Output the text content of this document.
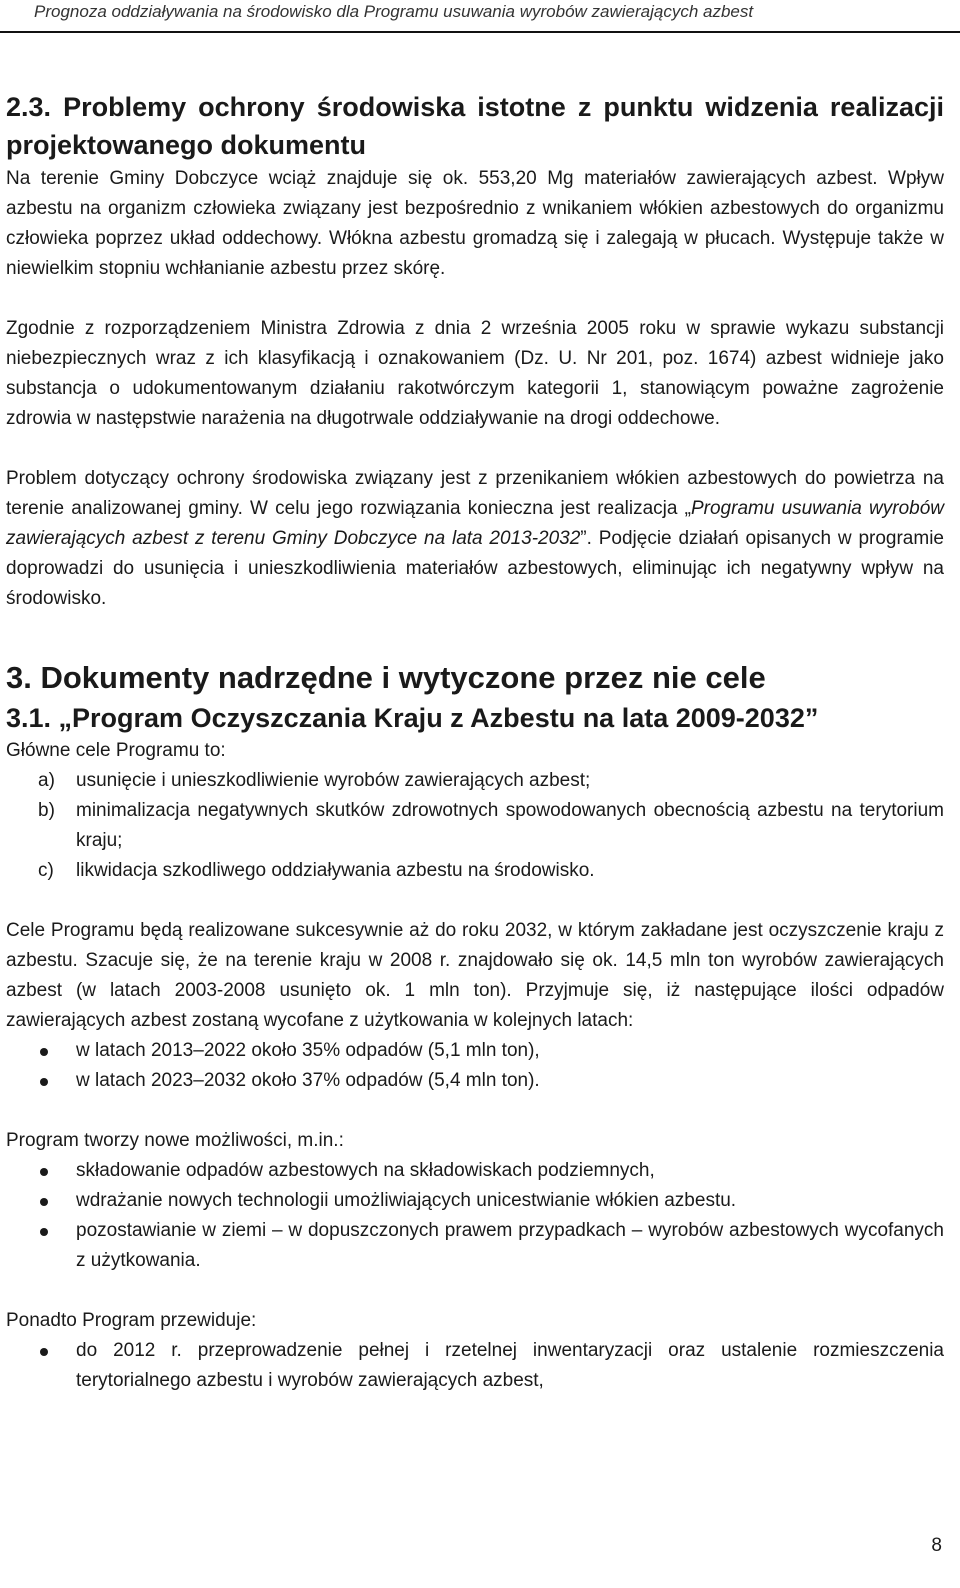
Prognoza oddziaływania na środowisko dla Programu usuwania wyrobów zawierających azbest
2.3. Problemy ochrony środowiska istotne z punktu widzenia realizacji projektowanego dokumentu

Na terenie Gminy Dobczyce wciąż znajduje się ok. 553,20 Mg materiałów zawierających azbest. Wpływ azbestu na organizm człowieka związany jest bezpośrednio z wnikaniem włókien azbestowych do organizmu człowieka poprzez układ oddechowy. Włókna azbestu gromadzą się i zalegają w płucach. Występuje także w niewielkim stopniu wchłanianie azbestu przez skórę.

Zgodnie z rozporządzeniem Ministra Zdrowia z dnia 2 września 2005 roku w sprawie wykazu substancji niebezpiecznych wraz z ich klasyfikacją i oznakowaniem (Dz. U. Nr 201, poz. 1674) azbest widnieje jako substancja o udokumentowanym działaniu rakotwórczym kategorii 1, stanowiącym poważne zagrożenie zdrowia w następstwie narażenia na długotrwale oddziaływanie na drogi oddechowe.

Problem dotyczący ochrony środowiska związany jest z przenikaniem włókien azbestowych do powietrza na terenie analizowanej gminy. W celu jego rozwiązania konieczna jest realizacja „Programu usuwania wyrobów zawierających azbest z terenu Gminy Dobczyce na lata 2013-2032”. Podjęcie działań opisanych w programie doprowadzi do usunięcia i unieszkodliwienia materiałów azbestowych, eliminując ich negatywny wpływ na środowisko.

3. Dokumenty nadrzędne i wytyczone przez nie cele
3.1. „Program Oczyszczania Kraju z Azbestu na lata 2009-2032”

Główne cele Programu to:

a) usunięcie i unieszkodliwienie wyrobów zawierających azbest;
b) minimalizacja negatywnych skutków zdrowotnych spowodowanych obecnością azbestu na terytorium kraju;
c) likwidacja szkodliwego oddziaływania azbestu na środowisko.

Cele Programu będą realizowane sukcesywnie aż do roku 2032, w którym zakładane jest oczyszczenie kraju z azbestu. Szacuje się, że na terenie kraju w 2008 r. znajdowało się ok. 14,5 mln ton wyrobów zawierających azbest (w latach 2003-2008 usunięto ok. 1 mln ton). Przyjmuje się, iż następujące ilości odpadów zawierających azbest zostaną wycofane z użytkowania w kolejnych latach:

w latach 2013–2022 około 35% odpadów (5,1 mln ton),
w latach 2023–2032 około 37% odpadów (5,4 mln ton).

Program tworzy nowe możliwości, m.in.:

składowanie odpadów azbestowych na składowiskach podziemnych,
wdrażanie nowych technologii umożliwiających unicestwianie włókien azbestu.
pozostawianie w ziemi – w dopuszczonych prawem przypadkach – wyrobów azbestowych wycofanych z użytkowania.

Ponadto Program przewiduje:

do 2012 r. przeprowadzenie pełnej i rzetelnej inwentaryzacji oraz ustalenie rozmieszczenia terytorialnego azbestu i wyrobów zawierających azbest,
8
